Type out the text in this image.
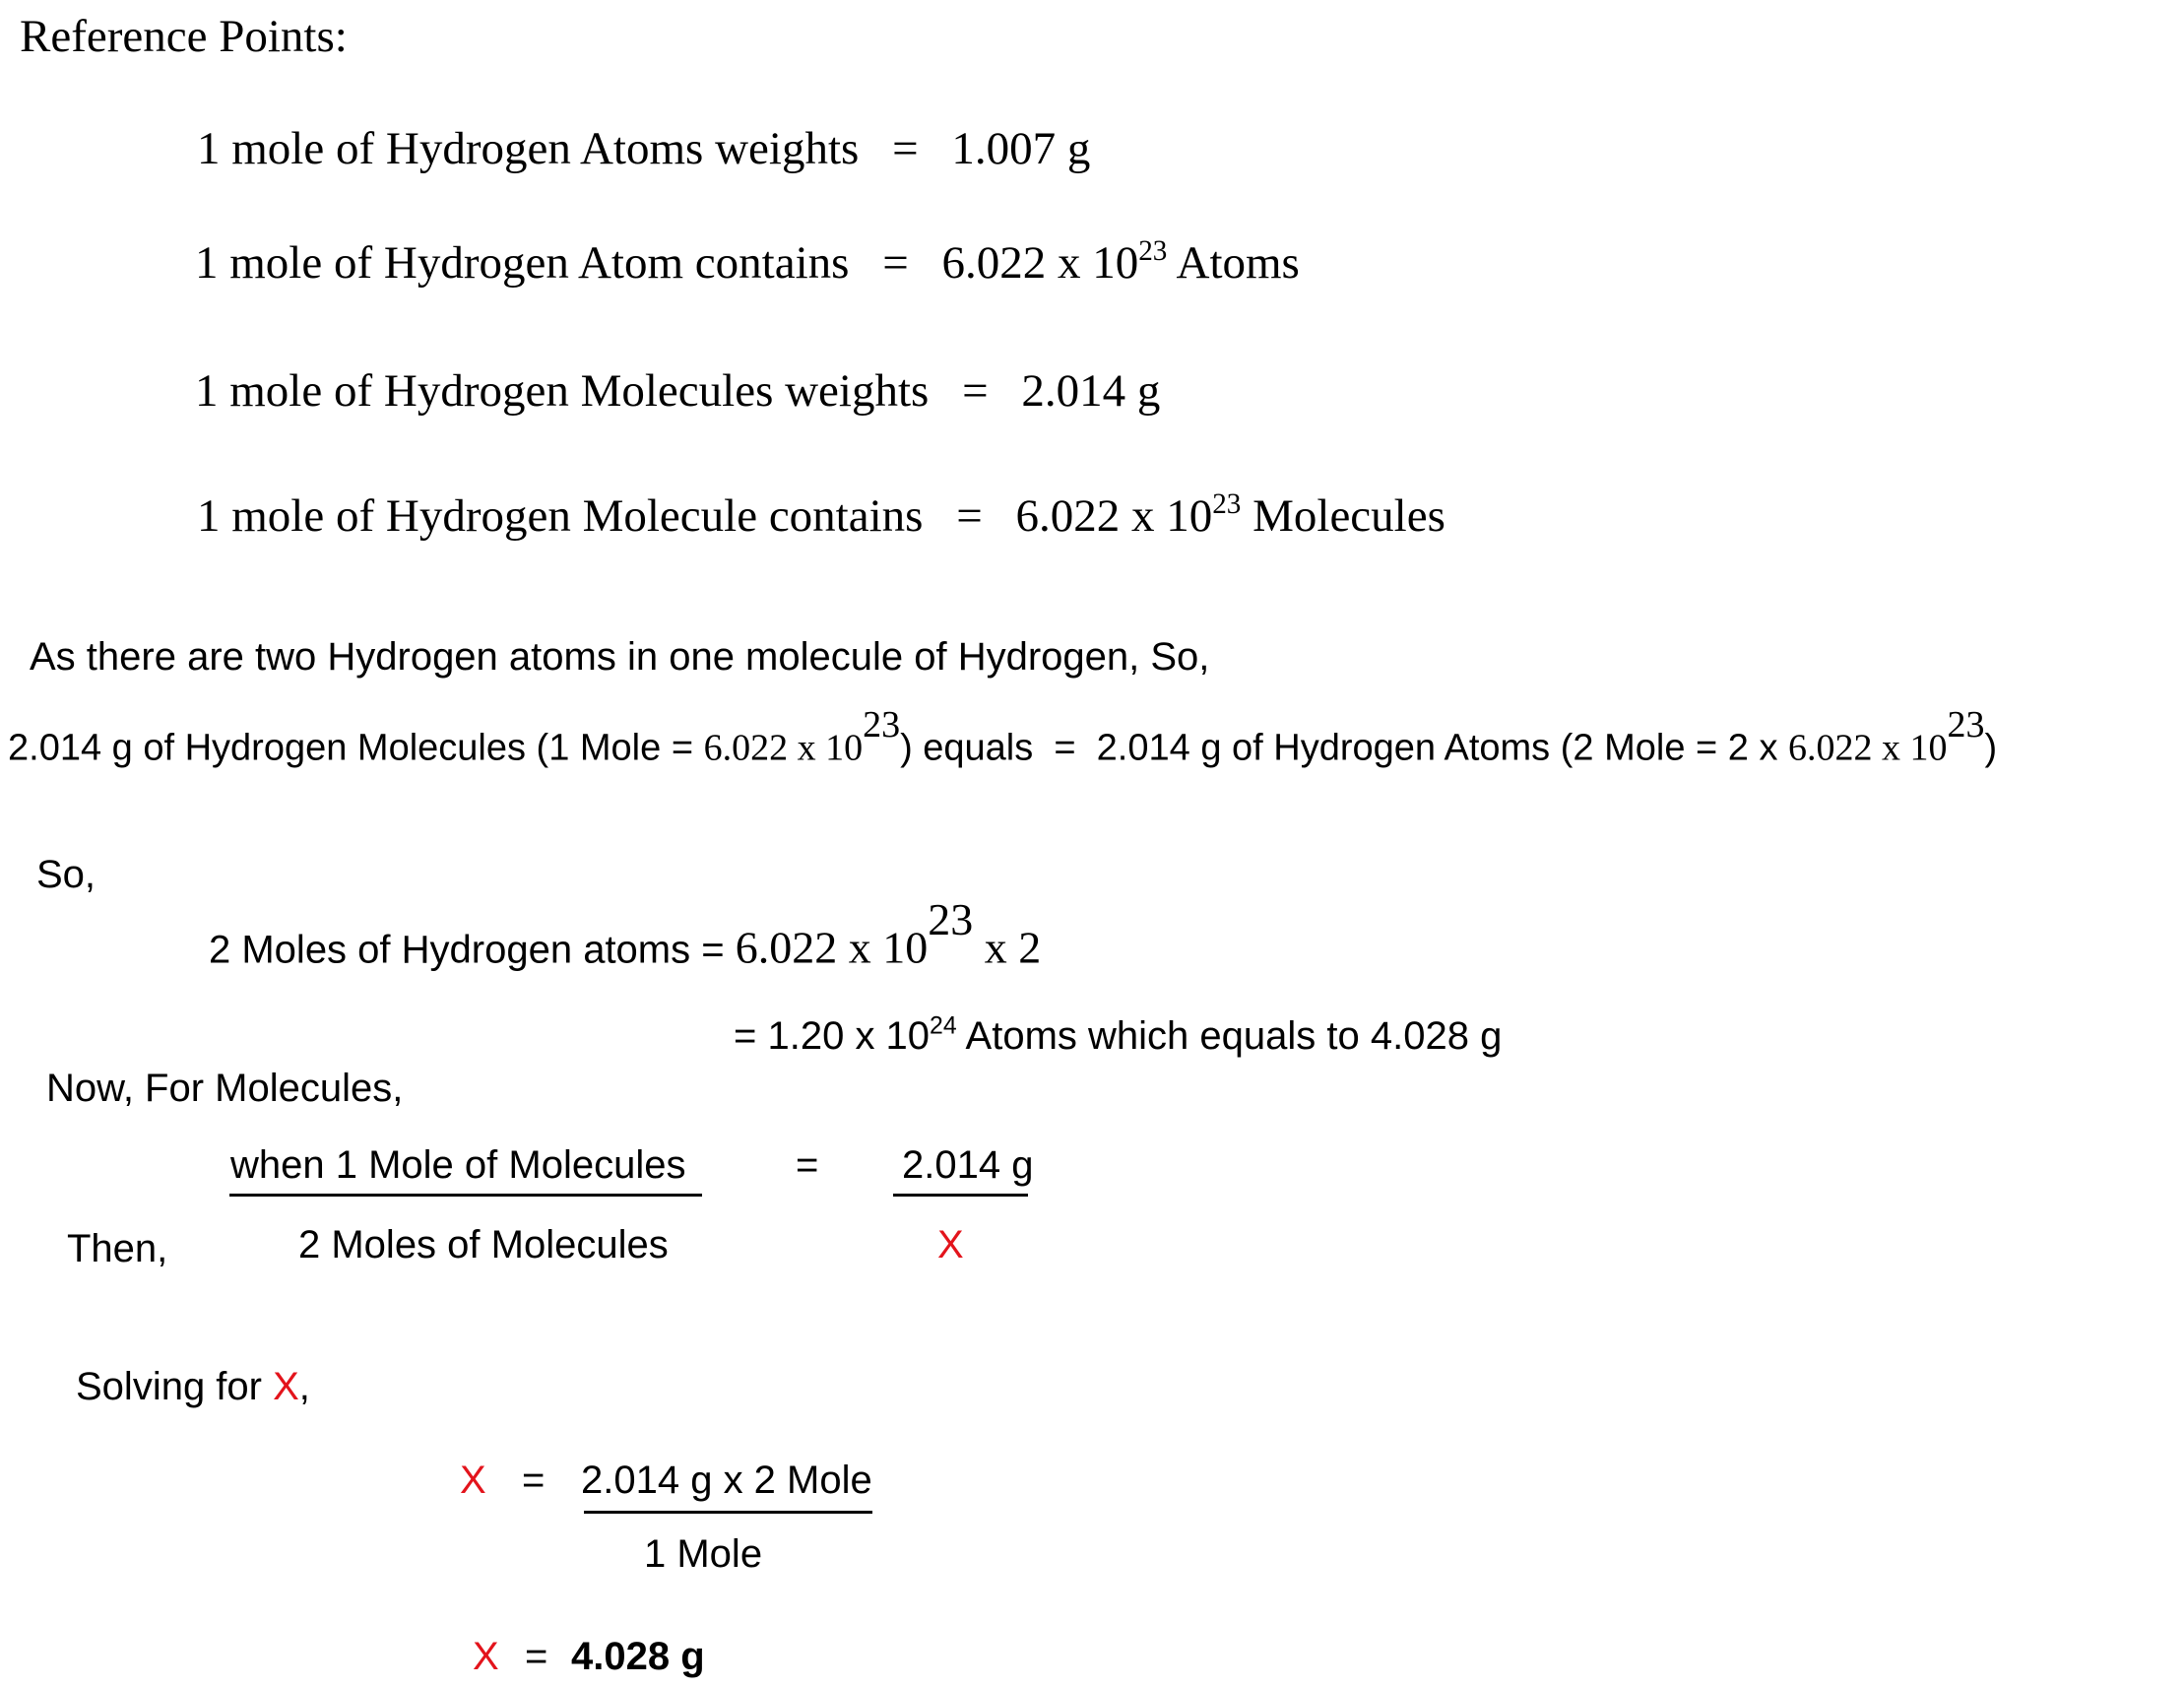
Reference Points:
1 mole of Hydrogen Atoms weights = 1.007 g
1 mole of Hydrogen Atom contains = 6.022 x $10^{23}$ Atoms
1 mole of Hydrogen Molecules weights = 2.014 g
1 mole of Hydrogen Molecule contains = 6.022 x $10^{23}$ Molecules
As there are two Hydrogen atoms in one molecule of Hydrogen, So,
2.014 g of Hydrogen Molecules (1 Mole = 6.022 x $10^{23}$) equals  =  2.014 g of Hydrogen Atoms (2 Mole = 2 x 6.022 x $10^{23}$)
So,
2 Moles of Hydrogen atoms = 6.022 x $10^{23}$ x 2
= 1.20 x $10^{24}$ Atoms which equals to 4.028 g
Now, For Molecules,
when 1 Mole of Molecules
2 Moles of Molecules
= 2.014 g
X
Then,
Solving for X,
X = 2.014 g x 2 Mole
1 Mole
X = 4.028 g
